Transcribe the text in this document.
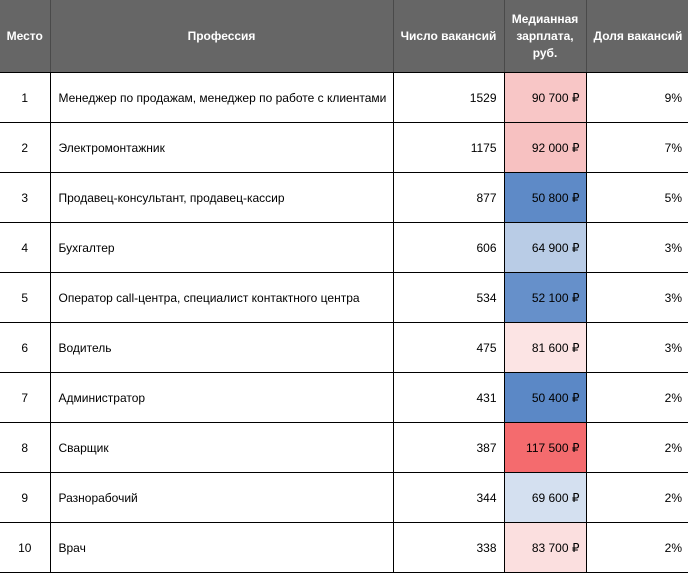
Место	Профессия	Число вакансий	Медианная зарплата, руб.	Доля вакансий
1	Менеджер по продажам, менеджер по работе с клиентами	1529	90 700 ₽	9%
2	Электромонтажник	1175	92 000 ₽	7%
3	Продавец-консультант, продавец-кассир	877	50 800 ₽	5%
4	Бухгалтер	606	64 900 ₽	3%
5	Оператор call-центра, специалист контактного центра	534	52 100 ₽	3%
6	Водитель	475	81 600 ₽	3%
7	Администратор	431	50 400 ₽	2%
8	Сварщик	387	117 500 ₽	2%
9	Разнорабочий	344	69 600 ₽	2%
10	Врач	338	83 700 ₽	2%
